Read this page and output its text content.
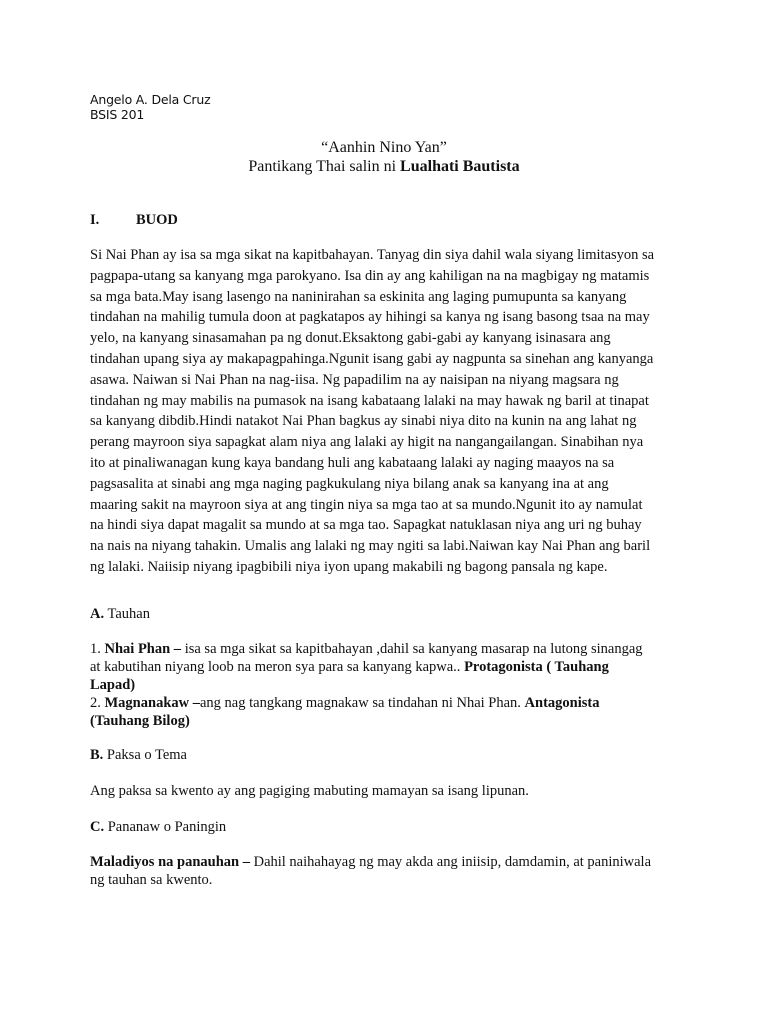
Angelo A. Dela Cruz
BSIS 201
“Aanhin Nino Yan”
Pantikang Thai salin ni Lualhati Bautista
I.	BUOD
Si Nai Phan ay isa sa mga sikat na kapitbahayan. Tanyag din siya dahil wala siyang limitasyon sa
pagpapa-utang sa kanyang mga parokyano. Isa din ay ang kahiligan na na magbigay ng matamis
sa mga bata.May isang lasengo na naninirahan sa eskinita ang laging pumupunta sa kanyang
tindahan na mahilig tumula doon at pagkatapos ay hihingi sa kanya ng isang basong tsaa na may
yelo, na kanyang sinasamahan pa ng donut.Eksaktong gabi-gabi ay kanyang isinasara ang
tindahan upang siya ay makapagpahinga.Ngunit isang gabi ay nagpunta sa sinehan ang kanyanga
asawa. Naiwan si Nai Phan na nag-iisa. Ng papadilim na ay naisipan na niyang magsara ng
tindahan ng may mabilis na pumasok na isang kabataang lalaki na may hawak ng baril at tinapat
sa kanyang dibdib.Hindi natakot Nai Phan bagkus ay sinabi niya dito na kunin na ang lahat ng
perang mayroon siya sapagkat alam niya ang lalaki ay higit na nangangailangan. Sinabihan nya
ito at pinaliwanagan kung kaya bandang huli ang kabataang lalaki ay naging maayos na sa
pagsasalita at sinabi ang mga naging pagkukulang niya bilang anak sa kanyang ina at ang
maaring sakit na mayroon siya at ang tingin niya sa mga tao at sa mundo.Ngunit ito ay namulat
na hindi siya dapat magalit sa mundo at sa mga tao. Sapagkat natuklasan niya ang uri ng buhay
na nais na niyang tahakin. Umalis ang lalaki ng may ngiti sa labi.Naiwan kay Nai Phan ang baril
ng lalaki. Naiisip niyang ipagbibili niya iyon upang makabili ng bagong pansala ng kape.
A. Tauhan
1. Nhai Phan – isa sa mga sikat sa kapitbahayan ,dahil sa kanyang masarap na lutong sinangag
at kabutihan niyang loob na meron sya para sa kanyang kapwa.. Protagonista ( Tauhang
Lapad)
2. Magnanakaw –ang nag tangkang magnakaw sa tindahan ni Nhai Phan. Antagonista
(Tauhang Bilog)
B. Paksa o Tema
Ang paksa sa kwento ay ang pagiging mabuting mamayan sa isang lipunan.
C. Pananaw o Paningin
Maladiyos na panauhan – Dahil naihahayag ng may akda ang iniisip, damdamin, at paniniwala
ng tauhan sa kwento.
